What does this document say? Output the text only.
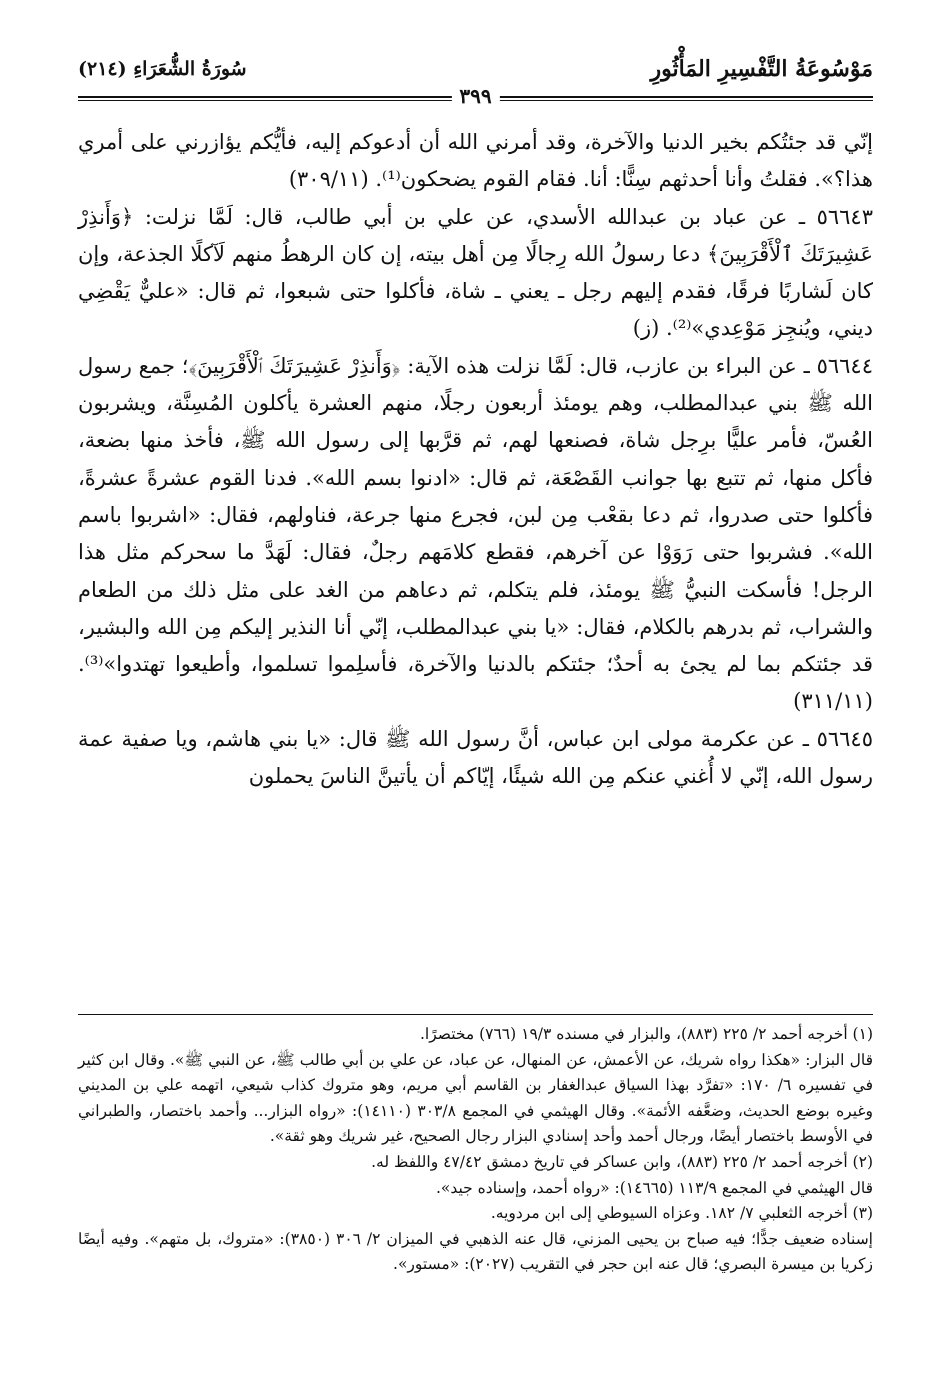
مَوْسُوعَةُ التَّفْسِيرِ المَأْثُورِ
سُورَةُ الشُّعَرَاءِ (٢١٤)
٣٩٩

إنّي قد جئتُكم بخير الدنيا والآخرة، وقد أمرني الله أن أدعوكم إليه، فأيُّكم يؤازرني على أمري هذا؟». فقلتُ وأنا أحدثهم سِنًّا: أنا. فقام القوم يضحكون⁽¹⁾. (٣٠٩/١١)

٥٦٦٤٣ ـ عن عباد بن عبدالله الأسدي، عن علي بن أبي طالب، قال: لَمَّا نزلت: ﴿وَأَنذِرْ عَشِيرَتَكَ ٱلْأَقْرَبِينَ﴾ دعا رسولُ الله رِجالًا مِن أهل بيته، إن كان الرهطُ منهم لَآكلًا الجذعة، وإن كان لَشاربًا فرقًا، فقدم إليهم رجل ـ يعني ـ شاة، فأكلوا حتى شبعوا، ثم قال: «عليٌّ يَقْضِي ديني، ويُنجِز مَوْعِدي»⁽²⁾. (ز)

٥٦٦٤٤ ـ عن البراء بن عازب، قال: لَمَّا نزلت هذه الآية: ﴿وَأَنذِرْ عَشِيرَتَكَ ٱلْأَقْرَبِينَ﴾؛ جمع رسول الله ﷺ بني عبدالمطلب، وهم يومئذ أربعون رجلًا، منهم العشرة يأكلون المُسِنَّة، ويشربون العُسّ، فأمر عليًّا برِجل شاة، فصنعها لهم، ثم قرَّبها إلى رسول الله ﷺ، فأخذ منها بضعة، فأكل منها، ثم تتبع بها جوانب القَصْعَة، ثم قال: «ادنوا بسم الله». فدنا القوم عشرةً عشرةً، فأكلوا حتى صدروا، ثم دعا بقعْب مِن لبن، فجرع منها جرعة، فناولهم، فقال: «اشربوا باسم الله». فشربوا حتى رَوَوْا عن آخرهم، فقطع كلامَهم رجلٌ، فقال: لَهَدَّ ما سحركم مثل هذا الرجل! فأسكت النبيُّ ﷺ يومئذ، فلم يتكلم، ثم دعاهم من الغد على مثل ذلك من الطعام والشراب، ثم بدرهم بالكلام، فقال: «يا بني عبدالمطلب، إنّي أنا النذير إليكم مِن الله والبشير، قد جئتكم بما لم يجئ به أحدٌ؛ جئتكم بالدنيا والآخرة، فأسلِموا تسلموا، وأطيعوا تهتدوا»⁽³⁾. (٣١١/١١)

٥٦٦٤٥ ـ عن عكرمة مولى ابن عباس، أنَّ رسول الله ﷺ قال: «يا بني هاشم، ويا صفية عمة رسول الله، إنّي لا أُغني عنكم مِن الله شيئًا، إيّاكم أن يأتينَّ الناسَ يحملون

(١) أخرجه أحمد ٢/ ٢٢٥ (٨٨٣)، والبزار في مسنده ١٩/٣ (٧٦٦) مختصرًا.

قال البزار: «هكذا رواه شريك، عن الأعمش، عن المنهال، عن عباد، عن علي بن أبي طالب ﷺ، عن النبي ﷺ». وقال ابن كثير في تفسيره ٦/ ١٧٠: «تفرَّد بهذا السياق عبدالغفار بن القاسم أبي مريم، وهو متروك كذاب شيعي، اتهمه علي بن المديني وغيره بوضع الحديث، وضعَّفه الأئمة». وقال الهيثمي في المجمع ٣٠٣/٨ (١٤١١٠): «رواه البزار... وأحمد باختصار، والطبراني في الأوسط باختصار أيضًا، ورجال أحمد وأحد إسنادي البزار رجال الصحيح، غير شريك وهو ثقة».

(٢) أخرجه أحمد ٢/ ٢٢٥ (٨٨٣)، وابن عساكر في تاريخ دمشق ٤٧/٤٢ واللفظ له.

قال الهيثمي في المجمع ١١٣/٩ (١٤٦٦٥): «رواه أحمد، وإسناده جيد».

(٣) أخرجه الثعلبي ٧/ ١٨٢. وعزاه السيوطي إلى ابن مردويه.

إسناده ضعيف جدًّا؛ فيه صباح بن يحيى المزني، قال عنه الذهبي في الميزان ٢/ ٣٠٦ (٣٨٥٠): «متروك، بل متهم». وفيه أيضًا زكريا بن ميسرة البصري؛ قال عنه ابن حجر في التقريب (٢٠٢٧): «مستور».
